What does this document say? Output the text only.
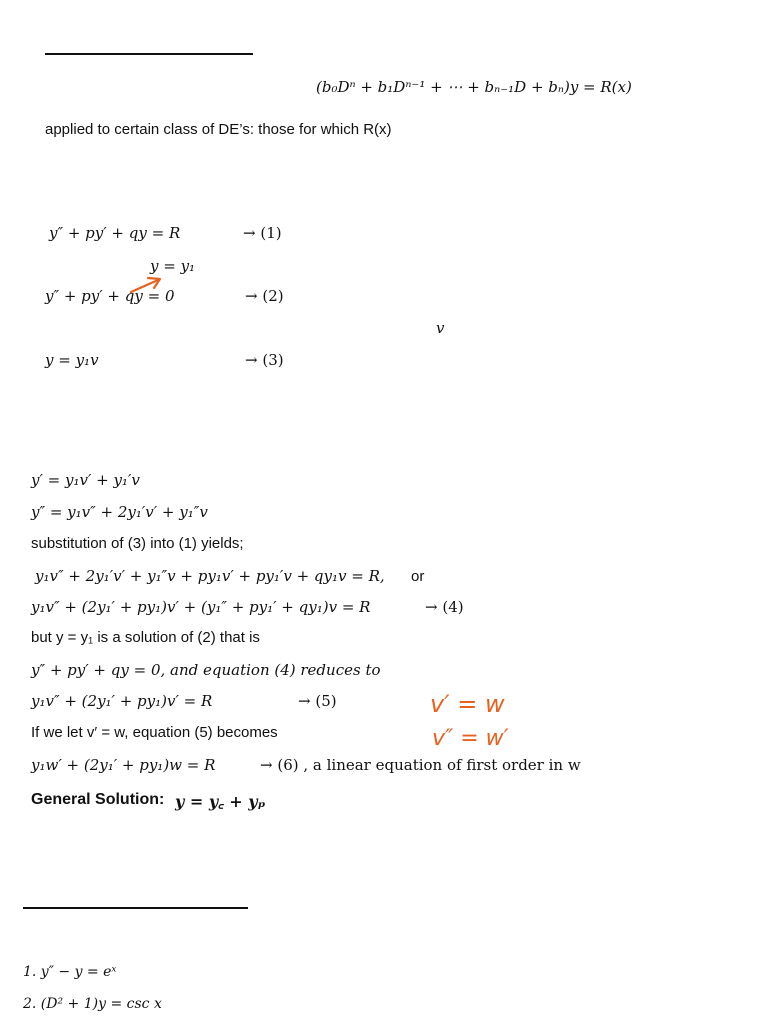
(b₀Dⁿ + b₁Dⁿ⁻¹ + ⋯ + bₙ₋₁D + bₙ)y = R(x)
applied to certain class of DE’s: those for which R(x)
y″ + py′ + qy = R	→ (1)
y = y₁
y″ + py′ + qy = 0	→ (2)
v
y = y₁v	→ (3)
y′ = y₁v′ + y₁′v
y″ = y₁v″ + 2y₁′v′ + y₁″v
substitution of (3) into (1) yields;
y₁v″ + 2y₁′v′ + y₁″v + py₁v′ + py₁′v + qy₁v = R, or
y₁v″ + (2y₁′ + py₁)v′ + (y₁″ + py₁′ + qy₁)v = R	→ (4)
but y = y₁ is a solution of (2) that is
y″ + py′ + qy = 0, and equation (4) reduces to
y₁v″ + (2y₁′ + py₁)v′ = R	→ (5)	v′ = w
If we let v′ = w, equation (5) becomes	v″ = w′
y₁w′ + (2y₁′ + py₁)w = R	→ (6) , a linear equation of first order in w
General Solution: y = y꜀ + yₚ
1. y″ − y = eˣ
2. (D² + 1)y = csc x
